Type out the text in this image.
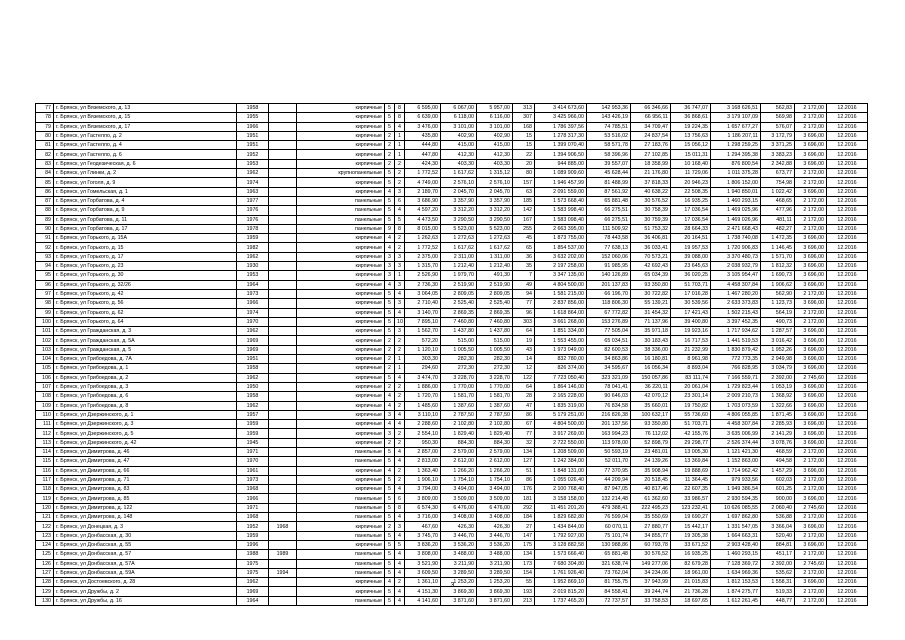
77	г. Брянск, ул Вяземского, д. 13	1958		кирпичные	5	8	6 595,00	6 067,00	5 957,00	313	3 414 673,60	142 953,36	66 346,66	36 747,07	3 168 626,51	562,83	2 172,00	12.2016
78	г. Брянск, ул Вяземского, д. 15	1955		кирпичные	5	8	6 639,00	6 118,00	6 116,00	307	3 425 966,00	143 426,19	66 956,11	36 868,61	3 179 107,09	569,98	2 172,00	12.2016
79	г. Брянск, ул Вяземского, д. 17	1966		кирпичные	5	4	3 476,00	3 101,00	3 101,00	168	1 786 397,56	74 785,51	34 709,47	19 224,35	1 657 677,27	576,07	2 172,00	12.2016
80	г. Брянск, ул Гастелло, д. 2	1951		кирпичные	2	1	435,80	402,90	402,90	15	1 278 317,30	53 516,02	24 837,54	13 756,63	1 186 207,11	3 172,79	3 696,00	12.2016
81	г. Брянск, ул Гастелло, д. 4	1951		кирпичные	2	1	444,80	415,00	415,00	15	1 399 070,40	58 571,78	27 183,76	15 056,12	1 298 259,25	3 371,25	3 696,00	12.2016
82	г. Брянск, ул Гастелло, д. 6	1952		кирпичные	2	1	447,80	412,30	412,30	22	1 394 906,50	58 396,96	27 102,85	15 011,31	1 294 395,38	3 383,23	3 696,00	12.2016
83	г. Брянск, ул Геодезическая, д. 6	1953		кирпичные	2	2	424,30	403,30	403,30	20	944 885,00	39 557,07	18 358,99	10 168,40	876 800,54	2 342,88	3 696,00	12.2016
84	г. Брянск, ул Глинки, д. 2	1962		крупнопанельные	5	2	1 772,52	1 617,62	1 315,12	80	1 089 909,60	45 628,44	21 176,80	11 729,06	1 011 375,28	673,77	2 172,00	12.2016
85	г. Брянск, ул Гоголя, д. 9	1974		кирпичные	5	2	4 749,00	2 576,10	2 576,10	157	1 946 457,99	81 488,99	37 818,33	20 946,23	1 806 152,00	754,98	2 172,00	12.2016
86	г. Брянск, ул Гомельская, д. 1	1963		кирпичные	4	3	2 189,70	2 045,70	2 045,70	63	2 091 559,00	87 561,92	40 638,22	22 508,35	1 940 850,01	1 022,42	3 696,00	12.2016
87	г. Брянск, ул Горбатова, д. 4	1977		панельные	5	6	3 686,90	3 357,90	3 357,90	185	1 573 668,40	65 881,48	30 576,52	16 935,25	1 460 293,15	468,65	2 172,00	12.2016
88	г. Брянск, ул Горбатова, д. 9	1976		панельные	5	4	4 597,20	3 312,20	3 312,20	142	1 583 998,40	66 275,51	30 758,39	17 036,54	1 469 025,96	477,96	2 172,00	12.2016
89	г. Брянск, ул Горбатова, д. 11	1976		панельные	5	5	4 473,50	3 290,50	3 290,50	167	1 583 098,40	66 275,51	30 759,39	17 036,54	1 469 026,96	481,11	2 172,00	12.2016
90	г. Брянск, ул Горбатова, д. 17	1978		панельные	9	8	8 015,00	5 523,00	5 523,00	255	2 663 395,00	111 509,92	51 753,32	28 664,33	2 471 668,43	482,27	2 172,00	12.2016
91	г. Брянск, ул Горького, д. 15А	1959		кирпичные	4	2	1 262,63	1 272,63	1 272,63	45	1 873 755,00	78 443,58	36 406,81	20 164,51	1 738 740,08	1 472,35	3 696,00	12.2016
92	г. Брянск, ул Горького, д. 15	1982		кирпичные	4	2	1 772,52	1 617,62	1 617,62	65	1 854 537,00	77 638,13	36 033,41	19 957,53	1 720 906,83	1 146,45	3 696,00	12.2016
93	г. Брянск, ул Горького, д. 17	1962		кирпичные	3	3	2 375,00	2 311,00	1 311,00	36	3 632 202,00	152 060,06	70 573,21	39 088,00	3 370 480,73	1 571,70	3 696,00	12.2016
94	г. Брянск, ул Горького, д. 23	1930		кирпичные	3	3	1 315,70	1 212,40	1 212,40	35	2 197 258,00	91 985,95	42 692,43	23 645,63	2 038 932,79	1 812,32	3 696,00	12.2016
95	г. Брянск, ул Горького, д. 30	1953		кирпичные	3	1	2 526,90	1 979,70	491,30	7	3 347 135,00	140 126,89	65 034,39	36 020,25	3 105 954,47	1 690,73	3 696,00	12.2016
96	г. Брянск, ул Горького, д. 32/26	1964		кирпичные	4	3	2 736,30	2 519,90	2 519,90	49	4 804 500,00	201 137,83	93 350,80	51 703,71	4 458 307,84	1 906,62	3 696,00	12.2016
97	г. Брянск, ул Горького, д. 42	1973		кирпичные	5	4	3 064,05	2 809,05	2 809,05	94	1 581 215,00	66 196,70	30 722,82	17 016,28	1 467 280,20	562,90	2 172,00	12.2016
98	г. Брянск, ул Горького, д. 56	1966		кирпичные	5	3	2 710,40	2 525,40	2 525,40	77	2 837 856,00	118 806,30	55 139,21	30 539,56	2 633 373,83	1 123,73	3 696,00	12.2016
99	г. Брянск, ул Горького, д. 62	1974		кирпичные	5	4	3 140,70	2 869,35	2 869,35	96	1 618 864,00	67 772,82	31 454,32	17 421,43	1 502 215,43	564,19	2 172,00	12.2016
100	г. Брянск, ул Горького, д. 64	1970		кирпичные	5	10	7 895,10	7 460,80	7 460,80	303	3 661 268,00	153 276,89	71 137,96	39 400,80	3 397 452,35	490,73	2 172,00	12.2016
101	г. Брянск, ул Гражданская, д. 3	1962		кирпичные	5	3	1 562,70	1 437,80	1 437,80	64	1 851 334,00	77 505,04	35 971,18	19 923,16	1 717 934,62	1 287,57	3 696,00	12.2016
102	г. Брянск, ул Гражданская, д. 5А	1969		кирпичные	2	2	572,20	515,00	515,00	19	1 553 455,00	65 034,51	30 183,43	16 717,53	1 441 519,53	3 016,42	3 696,00	12.2016
103	г. Брянск, ул Гражданская, д. 5	1969		кирпичные	2	2	1 120,10	1 005,50	1 005,50	43	1 973 049,00	82 600,53	38 336,00	21 232,99	1 830 879,42	1 952,26	3 696,00	12.2016
104	г. Брянск, ул Грибоедова, д. 7А	1951		кирпичные	2	1	303,30	282,30	282,30	14	832 780,00	34 863,86	16 180,81	8 961,98	772 773,35	2 949,98	3 696,00	12.2016
105	г. Брянск, ул Грибоедова, д. 1	1958		кирпичные	2	1	294,60	272,30	272,30	12	826 374,00	34 595,67	16 056,34	8 893,04	766 828,95	3 034,79	3 696,00	12.2016
106	г. Брянск, ул Грибоедова, д. 2	1962		кирпичные	5	4	3 474,70	3 228,70	3 228,70	122	7 723 050,40	323 321,09	150 057,86	83 111,74	7 166 559,71	2 392,00	2 745,60	12.2016
107	г. Брянск, ул Грибоедова, д. 3	1950		кирпичные	2	2	1 886,00	1 770,00	1 770,00	64	1 864 146,00	78 041,41	36 220,11	20 061,04	1 729 823,44	1 053,19	3 696,00	12.2016
108	г. Брянск, ул Грибоедова, д. 6	1958		кирпичные	4	2	1 720,70	1 581,70	1 581,70	28	2 165 228,00	90 646,03	42 070,12	23 301,14	2 009 210,73	1 368,92	3 696,00	12.2016
109	г. Брянск, ул Грибоедова, д. 8	1962		кирпичные	4	2	1 485,60	1 387,60	1 387,60	47	1 835 319,00	76 834,58	35 660,01	19 750,82	1 703 073,59	1 322,66	3 696,00	12.2016
110	г. Брянск, ул Дзержинского, д. 1	1957		кирпичные	3	4	3 110,10	2 787,50	2 787,50	86	5 179 251,00	216 826,38	100 632,17	55 736,60	4 806 055,85	1 871,45	3 696,00	12.2016
111	г. Брянск, ул Дзержинского, д. 3	1959		кирпичные	4	4	2 288,60	2 102,80	2 102,80	67	4 804 500,00	201 137,56	93 350,80	51 703,71	4 458 307,84	2 285,93	3 696,00	12.2016
112	г. Брянск, ул Дзержинского, д. 5	1959		кирпичные	3	2	2 554,10	1 829,40	1 829,40	77	3 917 269,00	163 994,23	76 112,02	42 155,76	3 635 006,99	2 141,29	3 696,00	12.2016
113	г. Брянск, ул Дзержинского, д. 42	1945		кирпичные	2	2	950,30	884,30	884,30	32	2 722 550,00	113 978,00	52 898,79	29 298,77	2 526 374,44	3 078,76	3 696,00	12.2016
114	г. Брянск, ул Димитрова, д. 46	1971		панельные	5	4	2 857,00	2 579,00	2 579,00	134	1 208 509,00	50 593,19	23 481,01	13 005,30	1 121 421,30	468,59	2 172,00	12.2016
115	г. Брянск, ул Димитрова, д. 47	1970		панельные	5	4	2 813,00	2 612,00	2 612,00	127	1 242 384,00	52 011,70	24 139,26	13 369,84	1 152 863,00	494,58	2 172,00	12.2016
116	г. Брянск, ул Димитрова, д. 66	1961		кирпичные	4	2	1 363,40	1 266,20	1 266,20	51	1 848 131,00	77 370,95	35 908,94	19 888,69	1 714 962,42	1 457,29	3 696,00	12.2016
117	г. Брянск, ул Димитрова, д. 71	1973		кирпичные	5	2	1 906,10	1 754,10	1 754,10	86	1 055 026,40	44 209,94	20 518,45	11 364,45	979 933,56	602,03	2 172,00	12.2016
118	г. Брянск, ул Димитрова, д. 83	1968		кирпичные	5	4	3 794,00	3 494,00	3 494,00	176	2 100 768,40	87 947,05	40 817,46	22 607,35	1 949 386,54	601,25	2 172,00	12.2016
119	г. Брянск, ул Димитрова, д. 85	1966		панельные	5	6	3 809,00	3 509,00	3 509,00	181	3 158 158,00	132 214,48	61 362,60	33 986,57	2 930 594,35	900,00	3 696,00	12.2016
120	г. Брянск, ул Димитрова, д. 122	1971		панельные	5	8	6 574,30	6 476,00	6 476,00	292	11 451 201,20	479 388,41	222 495,23	123 232,41	10 626 085,55	2 060,40	2 745,60	12.2016
121	г. Брянск, ул Димитрова, д. 148	1968		панельные	5	4	3 716,00	3 408,00	3 408,00	184	1 829 682,80	76 599,04	35 550,69	19 690,27	1 697 862,80	536,88	2 172,00	12.2016
122	г. Брянск, ул Донецкая, д. 3	1952	1968	кирпичные	2	3	467,60	426,30	426,30	27	1 434 844,00	60 070,11	27 880,77	15 442,17	1 331 547,05	3 366,04	3 696,00	12.2016
123	г. Брянск, ул Донбасская, д. 30	1959		панельные	5	4	3 745,70	3 446,70	3 446,70	147	1 792 927,00	75 101,74	34 855,77	19 305,38	1 664 663,31	520,40	2 172,00	12.2016
124	г. Брянск, ул Донбасская, д. 55	1996		кирпичные	5	5	3 836,20	3 536,20	3 536,20	175	3 128 882,58	130 988,86	60 793,78	33 671,52	2 903 428,40	884,81	3 696,00	12.2016
125	г. Брянск, ул Донбасская, д. 57	1988	1989	панельные	5	4	3 808,00	3 488,00	3 488,00	134	1 573 666,40	65 881,48	30 576,52	16 935,25	1 460 293,15	451,17	2 172,00	12.2016
126	г. Брянск, ул Донбасская, д. 57А	1975		панельные	5	4	3 521,90	3 211,90	3 211,90	173	7 680 304,80	321 638,74	149 277,06	82 679,28	7 128 369,72	2 392,00	2 745,60	12.2016
127	г. Брянск, ул Донбасская, д. 59А	1975	1994	панельные	5	4	3 609,50	3 289,50	3 289,50	154	1 761 926,40	73 762,04	34 234,06	18 961,00	1 634 969,36	535,62	2 172,00	12.2016
128	г. Брянск, ул Достоевского, д. 28	1962		кирпичные	4	2	1 361,10	1 253,20	1 253,20	55	1 952 869,10	81 755,75	37 943,99	21 015,83	1 812 153,53	1 558,31	3 696,00	12.2016
129	г. Брянск, ул Дружбы, д. 2	1969		кирпичные	5	4	4 151,30	3 869,30	3 869,30	193	2 019 815,20	84 558,41	39 244,74	21 736,28	1 874 275,77	519,33	2 172,00	12.2016
130	г. Брянск, ул Дружбы, д. 16	1964		панельные	5	4	4 141,60	3 871,60	3 871,60	213	1 737 465,20	72 737,57	33 758,53	18 697,65	1 612 261,45	448,77	2 172,00	12.2016
3
